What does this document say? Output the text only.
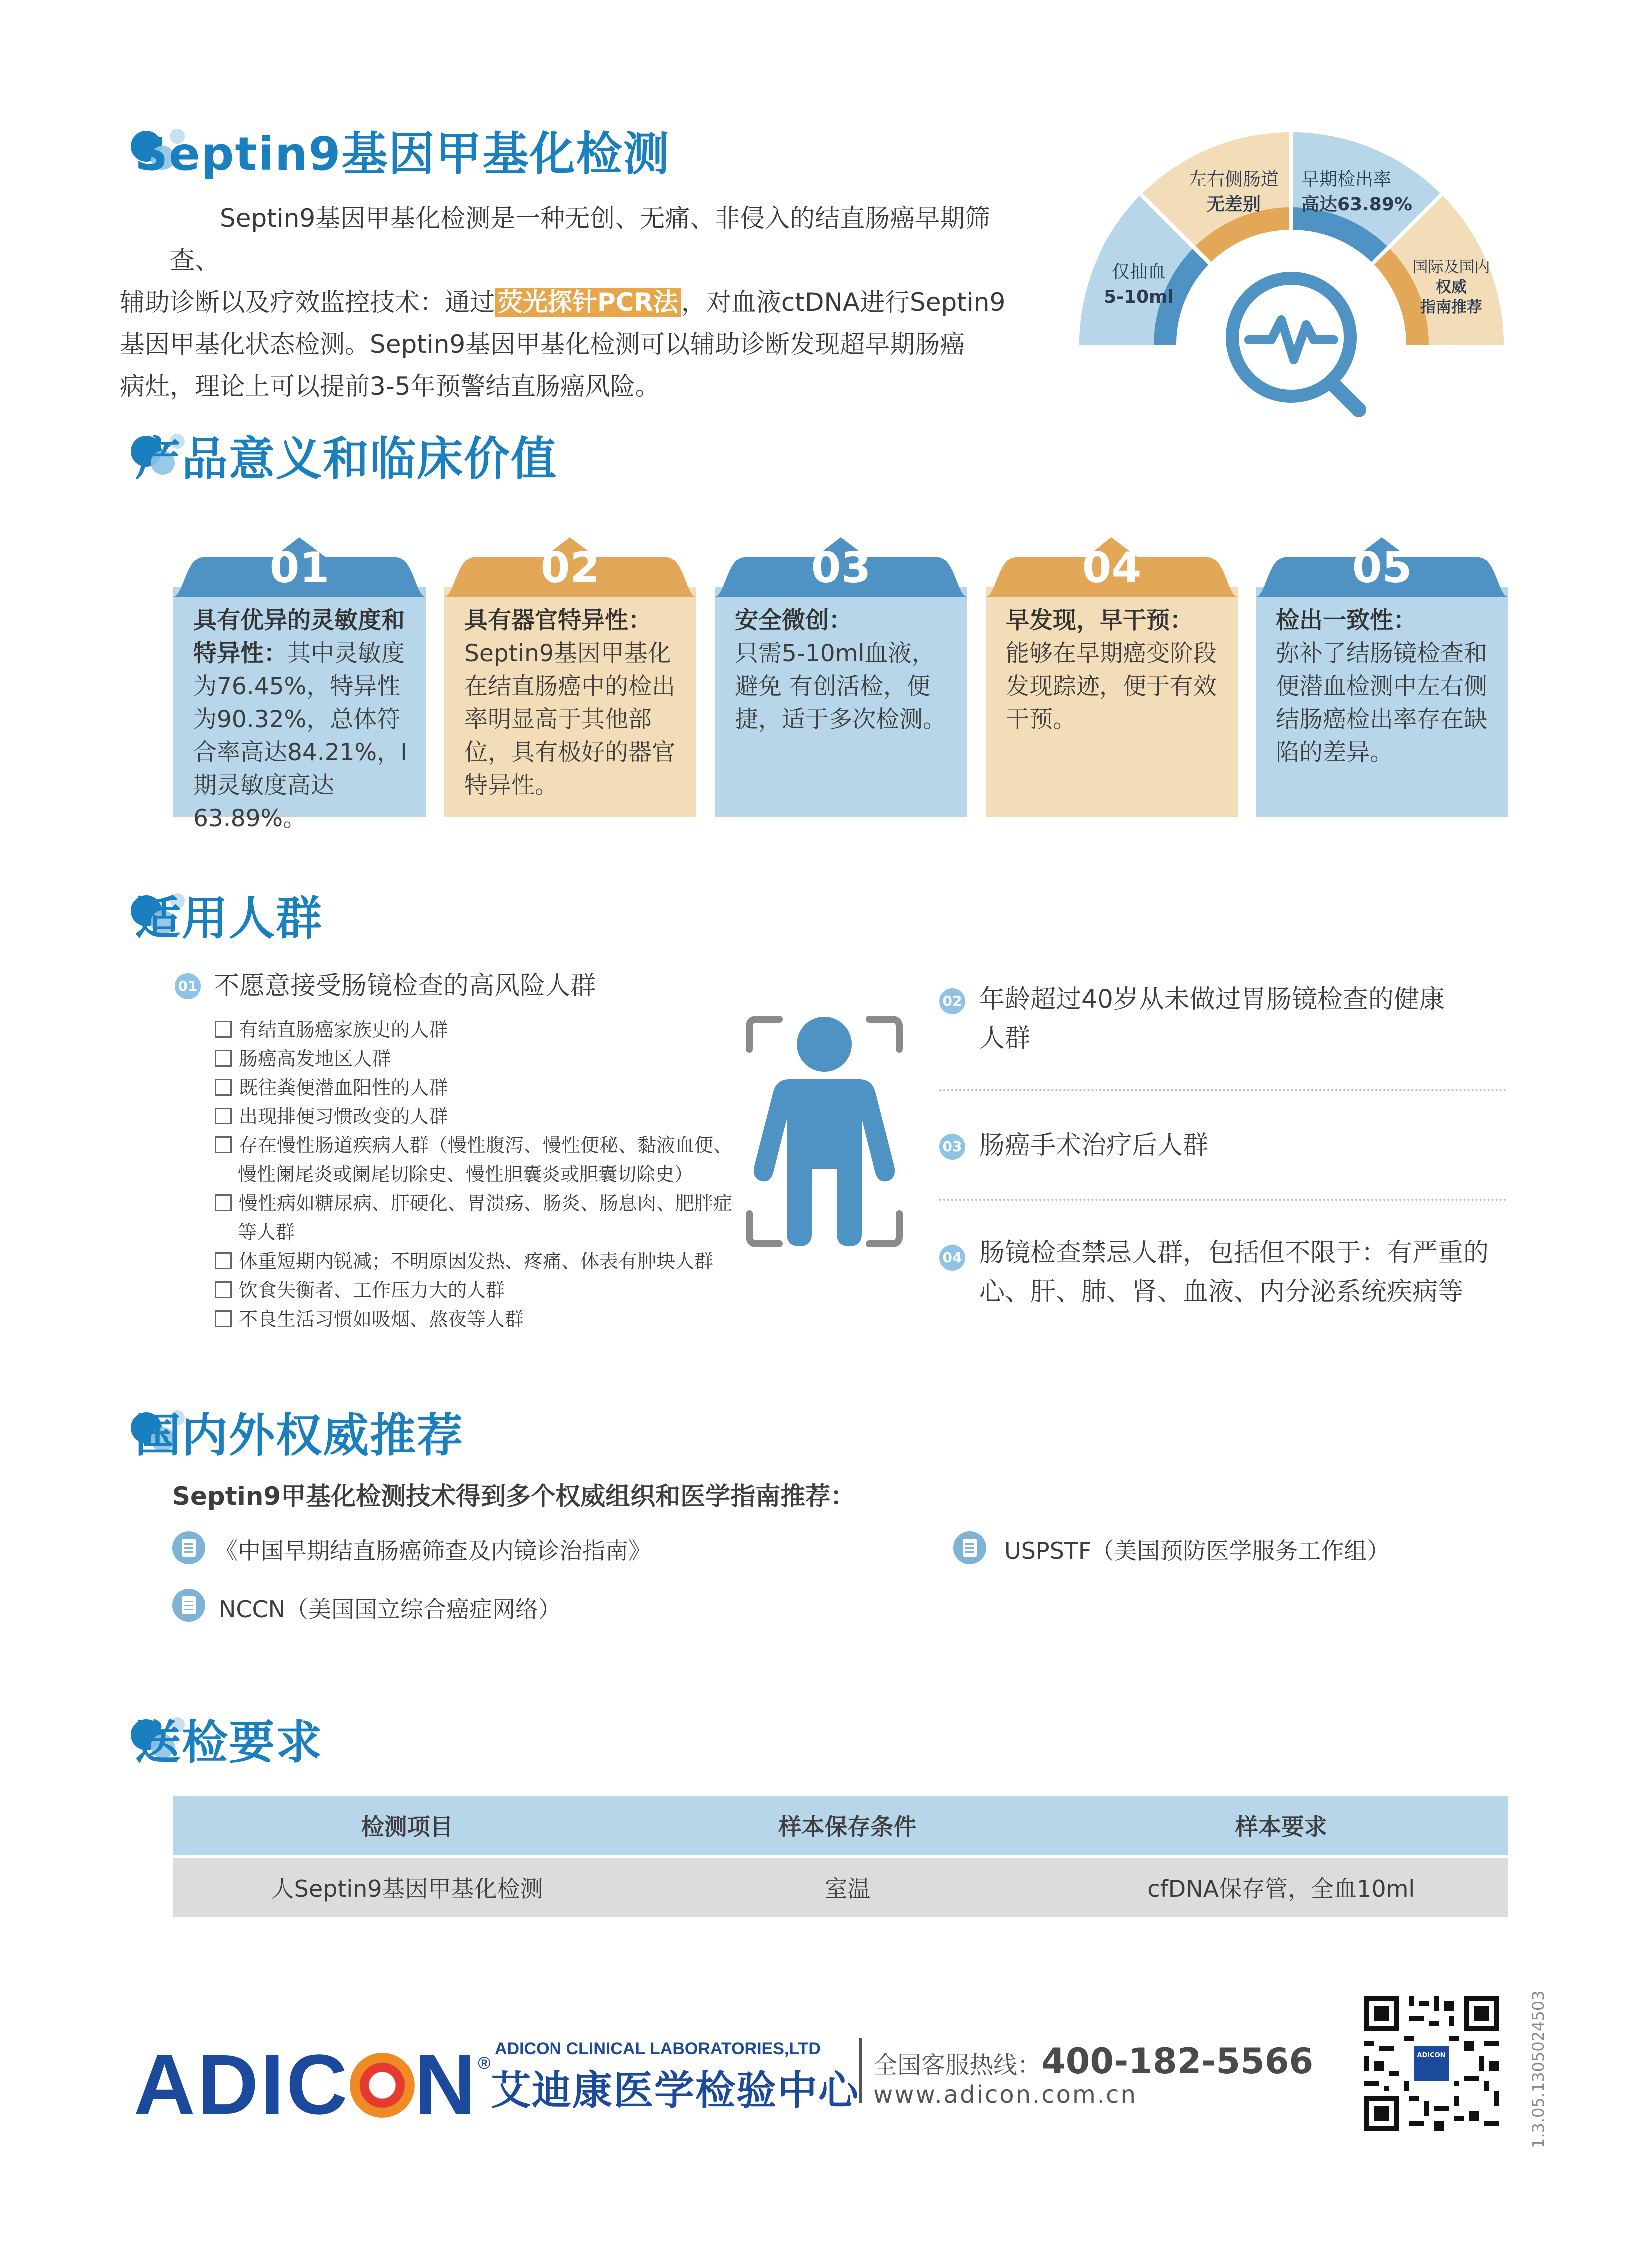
Septin9基因甲基化检测
Septin9基因甲基化检测是一种无创、无痛、非侵入的结直肠癌早期筛查、
辅助诊断以及疗效监控技术：通过 荧光探针PCR法 ，对血液ctDNA进行Septin9
基因甲基化状态检测。Septin9基因甲基化检测可以辅助诊断发现超早期肠癌
病灶，理论上可以提前3-5年预警结直肠癌风险。
仅抽血
5-10ml
左右侧肠道
无差别
早期检出率
高达63.89%
国际及国内
权威
指南推荐
产品意义和临床价值
01
具有优异的灵敏度和特异性：其中灵敏度为76.45%，特异性为90.32%，总体符合率高达84.21%，Ⅰ期灵敏度高达63.89%。
02
具有器官特异性：
Septin9基因甲基化在结直肠癌中的检出率明显高于其他部位，具有极好的器官特异性。
03
安全微创：
只需5-10ml血液，避免 有创活检，便捷，适于多次检测。
04
早发现，早干预：
能够在早期癌变阶段发现踪迹，便于有效干预。
05
检出一致性：
弥补了结肠镜检查和便潜血检测中左右侧结肠癌检出率存在缺陷的差异。
适用人群
01 不愿意接受肠镜检查的高风险人群
有结直肠癌家族史的人群
肠癌高发地区人群
既往粪便潜血阳性的人群
出现排便习惯改变的人群
存在慢性肠道疾病人群（慢性腹泻、慢性便秘、黏液血便、
慢性阑尾炎或阑尾切除史、慢性胆囊炎或胆囊切除史）
慢性病如糖尿病、肝硬化、胃溃疡、肠炎、肠息肉、肥胖症
等人群
体重短期内锐减；不明原因发热、疼痛、体表有肿块人群
饮食失衡者、工作压力大的人群
不良生活习惯如吸烟、熬夜等人群
02 年龄超过40岁从未做过胃肠镜检查的健康
人群
03 肠癌手术治疗后人群
04 肠镜检查禁忌人群，包括但不限于：有严重的
心、肝、肺、肾、血液、内分泌系统疾病等
国内外权威推荐
Septin9甲基化检测技术得到多个权威组织和医学指南推荐：
《中国早期结直肠癌筛查及内镜诊治指南》	USPSTF（美国预防医学服务工作组）
NCCN（美国国立综合癌症网络）
送检要求
检测项目	样本保存条件	样本要求
人Septin9基因甲基化检测	室温	cfDNA保存管，全血10ml
ADIC N®
ADICON CLINICAL LABORATORIES,LTD
艾迪康医学检验中心
全国客服热线：400-182-5566
www.adicon.com.cn
ADICON	1.3.05.1305024503
